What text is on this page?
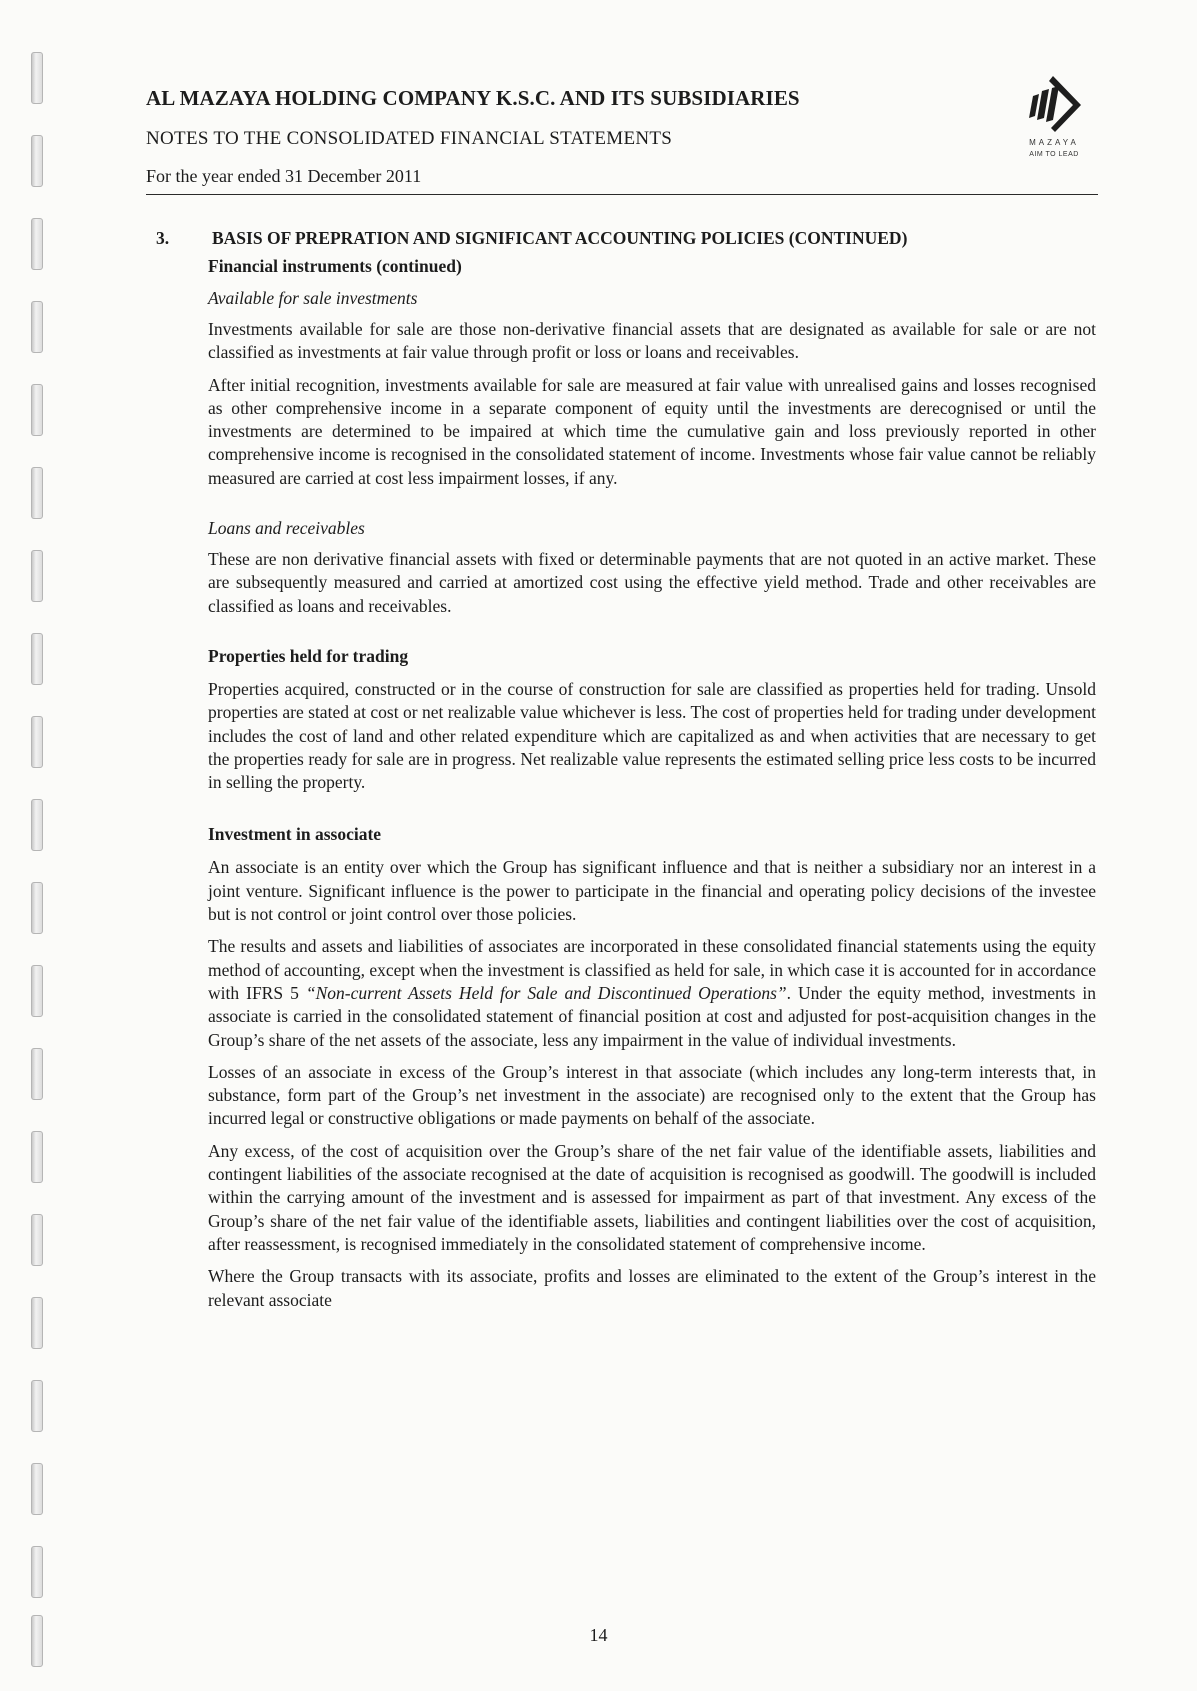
AL MAZAYA HOLDING COMPANY K.S.C. AND ITS SUBSIDIARIES
NOTES TO THE CONSOLIDATED FINANCIAL STATEMENTS
For the year ended 31 December 2011
MAZAYA
AIM TO LEAD
3. BASIS OF PREPRATION AND SIGNIFICANT ACCOUNTING POLICIES (CONTINUED)
Financial instruments (continued)
Available for sale investments

Investments available for sale are those non-derivative financial assets that are designated as available for sale or are not classified as investments at fair value through profit or loss or loans and receivables.

After initial recognition, investments available for sale are measured at fair value with unrealised gains and losses recognised as other comprehensive income in a separate component of equity until the investments are derecognised or until the investments are determined to be impaired at which time the cumulative gain and loss previously reported in other comprehensive income is recognised in the consolidated statement of income. Investments whose fair value cannot be reliably measured are carried at cost less impairment losses, if any.

Loans and receivables

These are non derivative financial assets with fixed or determinable payments that are not quoted in an active market. These are subsequently measured and carried at amortized cost using the effective yield method. Trade and other receivables are classified as loans and receivables.

Properties held for trading

Properties acquired, constructed or in the course of construction for sale are classified as properties held for trading. Unsold properties are stated at cost or net realizable value whichever is less. The cost of properties held for trading under development includes the cost of land and other related expenditure which are capitalized as and when activities that are necessary to get the properties ready for sale are in progress. Net realizable value represents the estimated selling price less costs to be incurred in selling the property.

Investment in associate

An associate is an entity over which the Group has significant influence and that is neither a subsidiary nor an interest in a joint venture. Significant influence is the power to participate in the financial and operating policy decisions of the investee but is not control or joint control over those policies.

The results and assets and liabilities of associates are incorporated in these consolidated financial statements using the equity method of accounting, except when the investment is classified as held for sale, in which case it is accounted for in accordance with IFRS 5 “Non-current Assets Held for Sale and Discontinued Operations”. Under the equity method, investments in associate is carried in the consolidated statement of financial position at cost and adjusted for post-acquisition changes in the Group’s share of the net assets of the associate, less any impairment in the value of individual investments.

Losses of an associate in excess of the Group’s interest in that associate (which includes any long-term interests that, in substance, form part of the Group’s net investment in the associate) are recognised only to the extent that the Group has incurred legal or constructive obligations or made payments on behalf of the associate.

Any excess, of the cost of acquisition over the Group’s share of the net fair value of the identifiable assets, liabilities and contingent liabilities of the associate recognised at the date of acquisition is recognised as goodwill. The goodwill is included within the carrying amount of the investment and is assessed for impairment as part of that investment. Any excess of the Group’s share of the net fair value of the identifiable assets, liabilities and contingent liabilities over the cost of acquisition, after reassessment, is recognised immediately in the consolidated statement of comprehensive income.

Where the Group transacts with its associate, profits and losses are eliminated to the extent of the Group’s interest in the relevant associate

14
